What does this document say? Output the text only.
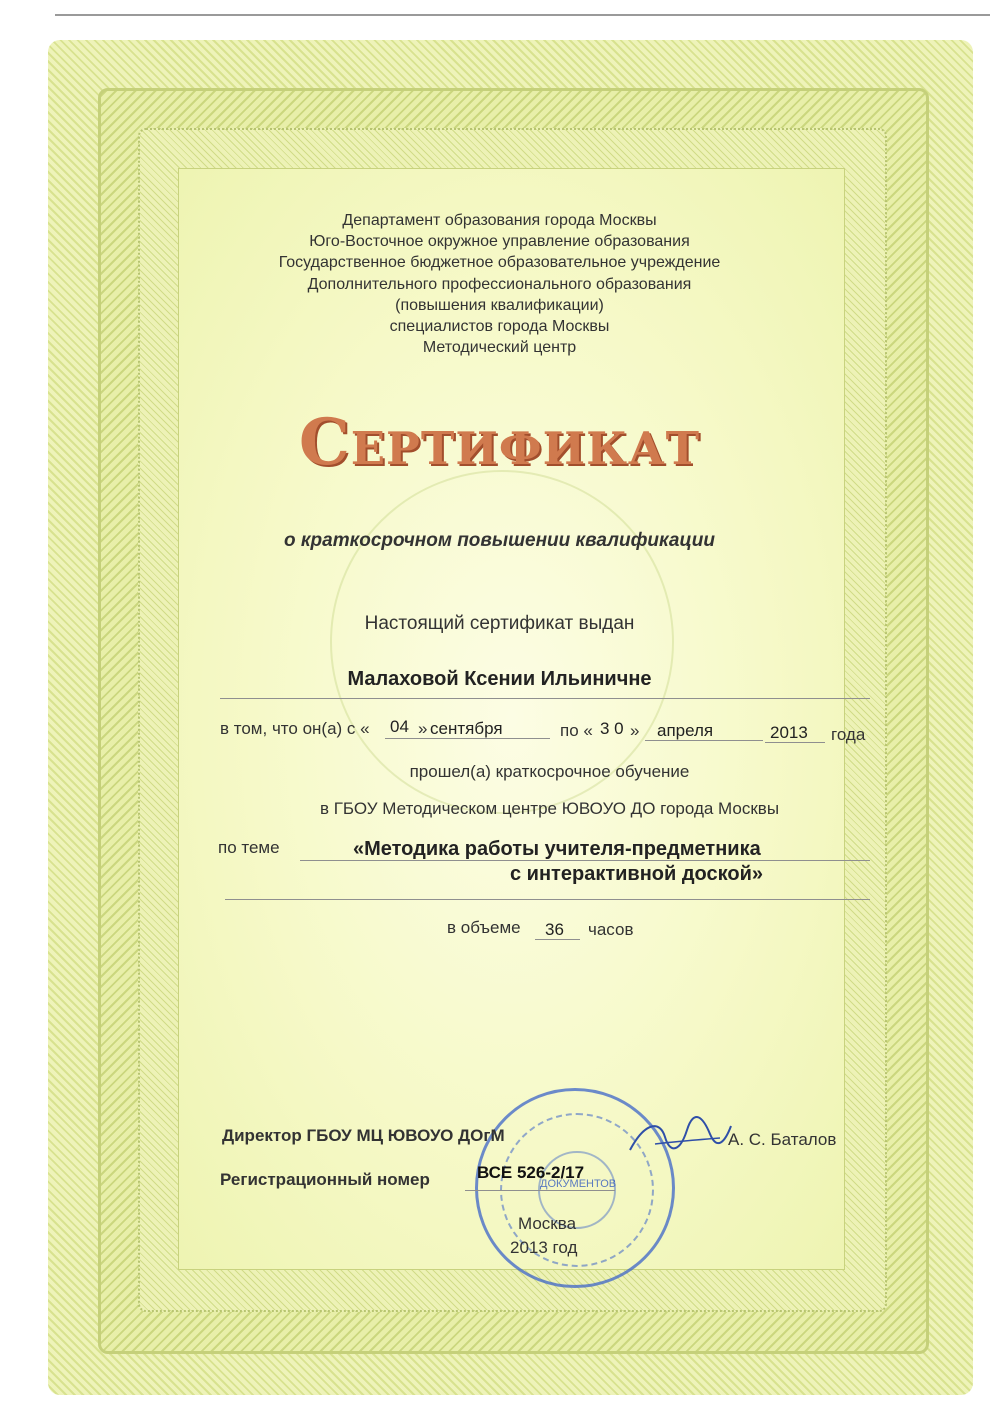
Департамент образования города Москвы
Юго-Восточное окружное управление образования
Государственное бюджетное образовательное учреждение
Дополнительного профессионального образования
(повышения квалификации)
специалистов города Москвы
Методический центр
Сертификат
о краткосрочном повышении квалификации
Настоящий сертификат выдан
Малаховой Ксении Ильиничне
в том, что он(а) с « 04 » сентября	по « 3 0 » апреля	2013 года
прошел(а) краткосрочное обучение
в ГБОУ Методическом центре ЮВОУО ДО города Москвы
по теме	«Методика работы учителя-предметника
с интерактивной доской»
в объеме 36 часов
ДОКУМЕНТОВ
Директор ГБОУ МЦ ЮВОУО ДОгМ	А. С. Баталов
Регистрационный номер	ВСЕ 526-2/17
Москва
2013 год
